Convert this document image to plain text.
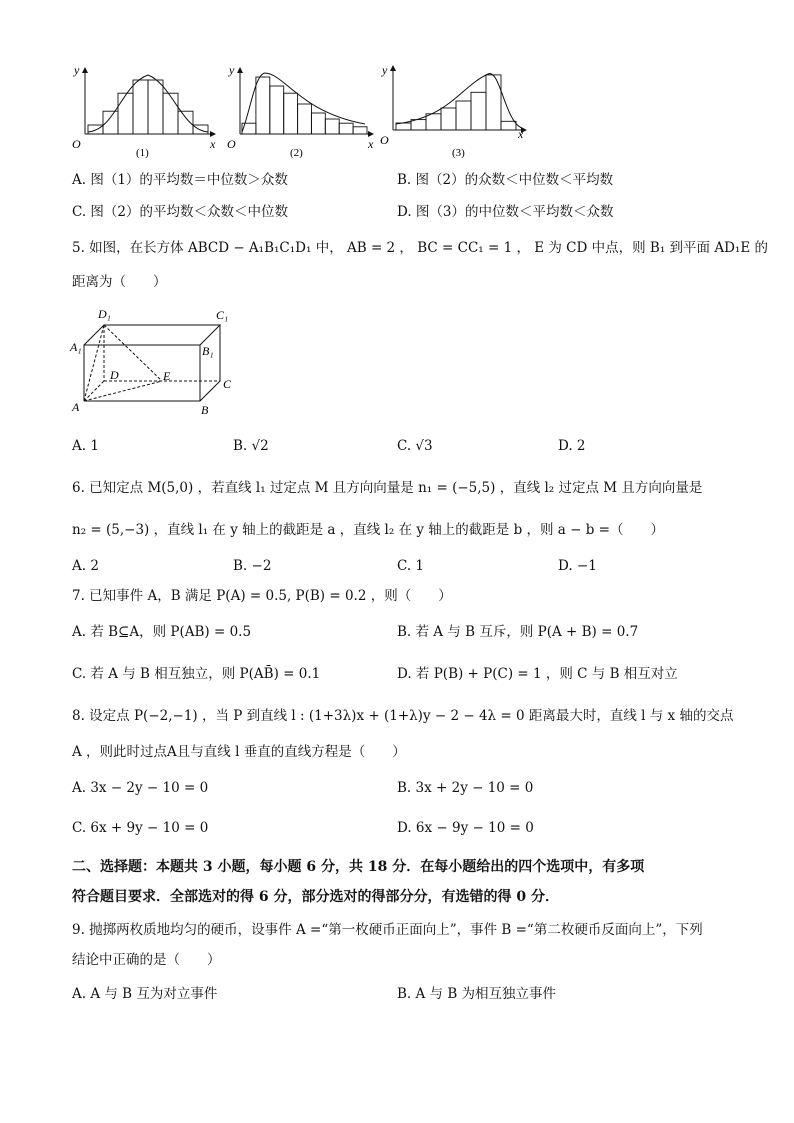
y
O	x
(1)
y
O	x
(2)
y
O	x
(3)
A. 图（1）的平均数＝中位数＞众数	B. 图（2）的众数＜中位数＜平均数
C. 图（2）的平均数＜众数＜中位数	D. 图（3）的中位数＜平均数＜众数
5. 如图，在长方体 ABCD − A₁B₁C₁D₁ 中， AB = 2 ， BC = CC₁ = 1 ， E 为 CD 中点，则 B₁ 到平面 AD₁E 的
距离为（　　）
D₁	C₁
A₁	B₁
D	E
C
A	B
A. 1	B. √2	C. √3	D. 2
6. 已知定点 M(5,0) ，若直线 l₁ 过定点 M 且方向向量是 n₁ = (−5,5) ，直线 l₂ 过定点 M 且方向向量是
n₂ = (5,−3) ，直线 l₁ 在 y 轴上的截距是 a ，直线 l₂ 在 y 轴上的截距是 b ，则 a − b =（　　）
A. 2	B. −2	C. 1	D. −1
7. 已知事件 A，B 满足 P(A) = 0.5, P(B) = 0.2 ，则（　　）
A. 若 B⊆A，则 P(AB) = 0.5	B. 若 A 与 B 互斥，则 P(A + B) = 0.7
C. 若 A 与 B 相互独立，则 P(AB̄) = 0.1	D. 若 P(B) + P(C) = 1 ，则 C 与 B 相互对立
8. 设定点 P(−2,−1) ，当 P 到直线 l : (1+3λ)x + (1+λ)y − 2 − 4λ = 0 距离最大时，直线 l 与 x 轴的交点
A ，则此时过点A且与直线 l 垂直的直线方程是（　　）
A. 3x − 2y − 10 = 0	B. 3x + 2y − 10 = 0
C. 6x + 9y − 10 = 0	D. 6x − 9y − 10 = 0
二、选择题：本题共 3 小题，每小题 6 分，共 18 分．在每小题给出的四个选项中，有多项
符合题目要求．全部选对的得 6 分，部分选对的得部分分，有选错的得 0 分．
9. 抛掷两枚质地均匀的硬币，设事件 A =“第一枚硬币正面向上”，事件 B =“第二枚硬币反面向上”，下列
结论中正确的是（　　）
A. A 与 B 互为对立事件	B. A 与 B 为相互独立事件
